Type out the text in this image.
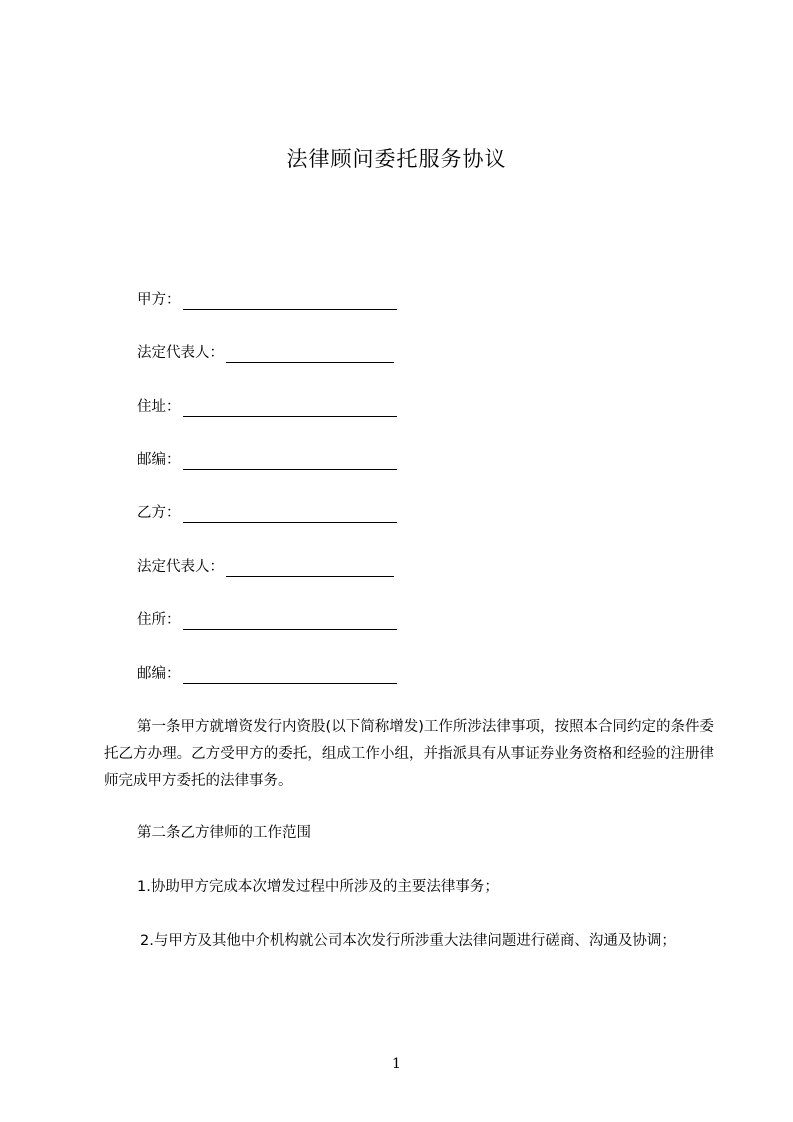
法律顾问委托服务协议
甲方：
法定代表人：
住址：
邮编：
乙方：
法定代表人：
住所：
邮编：
第一条甲方就增资发行内资股(以下简称增发)工作所涉法律事项，按照本合同约定的条件委托乙方办理。乙方受甲方的委托，组成工作小组，并指派具有从事证券业务资格和经验的注册律师完成甲方委托的法律事务。
第二条乙方律师的工作范围
1.协助甲方完成本次增发过程中所涉及的主要法律事务；
2.与甲方及其他中介机构就公司本次发行所涉重大法律问题进行磋商、沟通及协调；
1
